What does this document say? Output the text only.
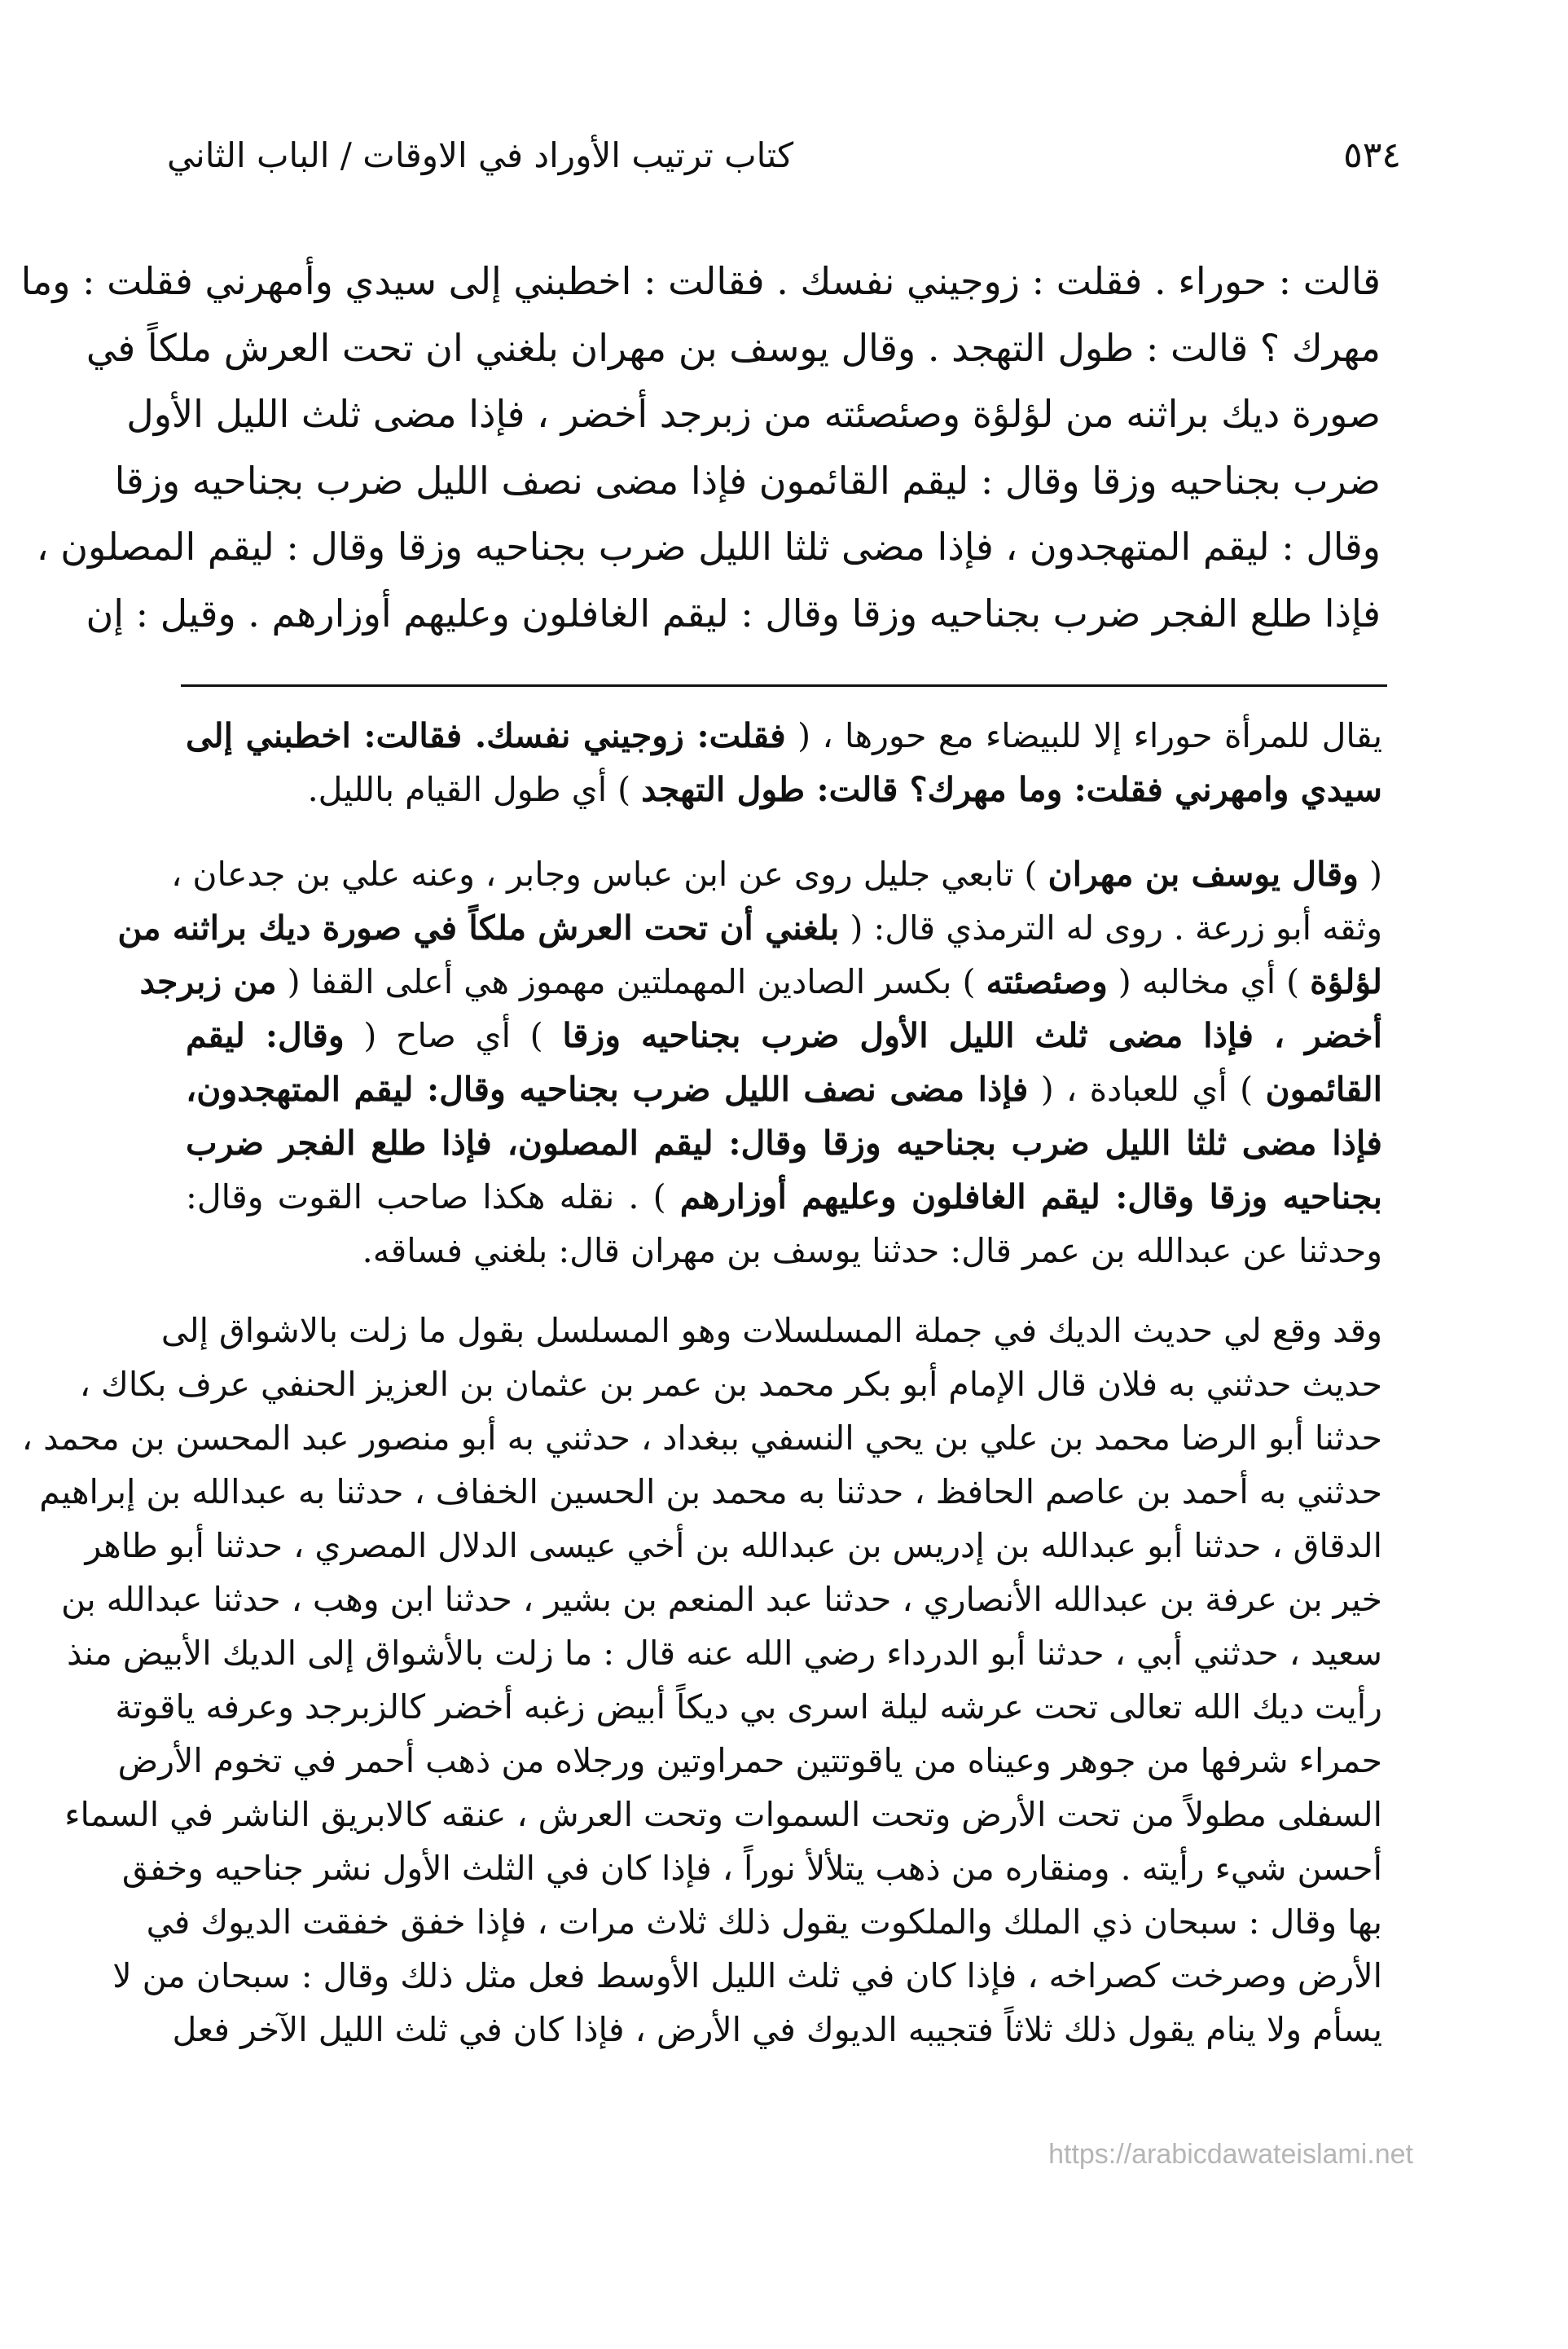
٥٣٤
كتاب ترتيب الأوراد في الاوقات / الباب الثاني
قالت : حوراء . فقلت : زوجيني نفسك . فقالت : اخطبني إلى سيدي وأمهرني فقلت : وما
مهرك ؟ قالت : طول التهجد . وقال يوسف بن مهران بلغني ان تحت العرش ملكاً في
صورة ديك براثنه من لؤلؤة وصئصئته من زبرجد أخضر ، فإذا مضى ثلث الليل الأول
ضرب بجناحيه وزقا وقال : ليقم القائمون فإذا مضى نصف الليل ضرب بجناحيه وزقا
وقال : ليقم المتهجدون ، فإذا مضى ثلثا الليل ضرب بجناحيه وزقا وقال : ليقم المصلون ،
فإذا طلع الفجر ضرب بجناحيه وزقا وقال : ليقم الغافلون وعليهم أوزارهم . وقيل : إن
يقال للمرأة حوراء إلا للبيضاء مع حورها ، ( فقلت: زوجيني نفسك. فقالت: اخطبني إلى
سيدي وامهرني فقلت: وما مهرك؟ قالت: طول التهجد ) أي طول القيام بالليل.
( وقال يوسف بن مهران ) تابعي جليل روى عن ابن عباس وجابر ، وعنه علي بن جدعان ،
وثقه أبو زرعة . روى له الترمذي قال: ( بلغني أن تحت العرش ملكاً في صورة ديك براثنه من
لؤلؤة ) أي مخالبه ( وصئصئته ) بكسر الصادين المهملتين مهموز هي أعلى القفا ( من زبرجد
أخضر ، فإذا مضى ثلث الليل الأول ضرب بجناحيه وزقا ) أي صاح ( وقال: ليقم
القائمون ) أي للعبادة ، ( فإذا مضى نصف الليل ضرب بجناحيه وقال: ليقم المتهجدون،
فإذا مضى ثلثا الليل ضرب بجناحيه وزقا وقال: ليقم المصلون، فإذا طلع الفجر ضرب
بجناحيه وزقا وقال: ليقم الغافلون وعليهم أوزارهم ) . نقله هكذا صاحب القوت وقال:
وحدثنا عن عبدالله بن عمر قال: حدثنا يوسف بن مهران قال: بلغني فساقه.
وقد وقع لي حديث الديك في جملة المسلسلات وهو المسلسل بقول ما زلت بالاشواق إلى
حديث حدثني به فلان قال الإمام أبو بكر محمد بن عمر بن عثمان بن العزيز الحنفي عرف بكاك ،
حدثنا أبو الرضا محمد بن علي بن يحي النسفي ببغداد ، حدثني به أبو منصور عبد المحسن بن محمد ،
حدثني به أحمد بن عاصم الحافظ ، حدثنا به محمد بن الحسين الخفاف ، حدثنا به عبدالله بن إبراهيم
الدقاق ، حدثنا أبو عبدالله بن إدريس بن عبدالله بن أخي عيسى الدلال المصري ، حدثنا أبو طاهر
خير بن عرفة بن عبدالله الأنصاري ، حدثنا عبد المنعم بن بشير ، حدثنا ابن وهب ، حدثنا عبدالله بن
سعيد ، حدثني أبي ، حدثنا أبو الدرداء رضي الله عنه قال : ما زلت بالأشواق إلى الديك الأبيض منذ
رأيت ديك الله تعالى تحت عرشه ليلة اسرى بي ديكاً أبيض زغبه أخضر كالزبرجد وعرفه ياقوتة
حمراء شرفها من جوهر وعيناه من ياقوتتين حمراوتين ورجلاه من ذهب أحمر في تخوم الأرض
السفلى مطولاً من تحت الأرض وتحت السموات وتحت العرش ، عنقه كالابريق الناشر في السماء
أحسن شيء رأيته . ومنقاره من ذهب يتلألأ نوراً ، فإذا كان في الثلث الأول نشر جناحيه وخفق
بها وقال : سبحان ذي الملك والملكوت يقول ذلك ثلاث مرات ، فإذا خفق خفقت الديوك في
الأرض وصرخت كصراخه ، فإذا كان في ثلث الليل الأوسط فعل مثل ذلك وقال : سبحان من لا
يسأم ولا ينام يقول ذلك ثلاثاً فتجيبه الديوك في الأرض ، فإذا كان في ثلث الليل الآخر فعل
https://arabicdawateislami.net
